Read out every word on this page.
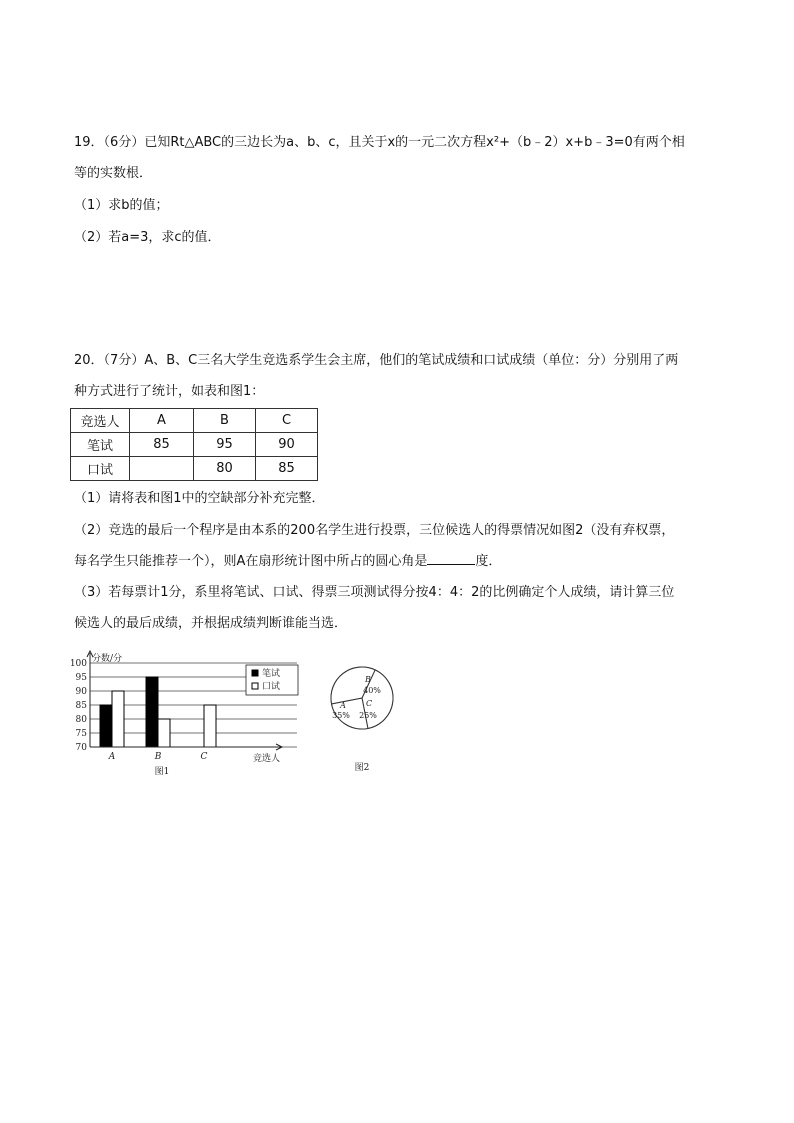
19．（6分）已知Rt△ABC的三边长为a、b、c，且关于x的一元二次方程x²+（b﹣2）x+b﹣3=0有两个相
等的实数根．
（1）求b的值；
（2）若a=3，求c的值．
20．（7分）A、B、C三名大学生竞选系学生会主席，他们的笔试成绩和口试成绩（单位：分）分别用了两
种方式进行了统计，如表和图1：
竞选人	A	B	C
笔试	85	95	90
口试		80	85
（1）请将表和图1中的空缺部分补充完整．
（2）竞选的最后一个程序是由本系的200名学生进行投票，三位候选人的得票情况如图2（没有弃权票，
每名学生只能推荐一个），则A在扇形统计图中所占的圆心角是	度．
（3）若每票计1分，系里将笔试、口试、得票三项测试得分按4：4：2的比例确定个人成绩，请计算三位
候选人的最后成绩，并根据成绩判断谁能当选．
70
75
80
85
90
95
100 分数/分
竞选人
A	B	C
图1
笔试
口试
A
35%
B
40%
C
25%
图2
